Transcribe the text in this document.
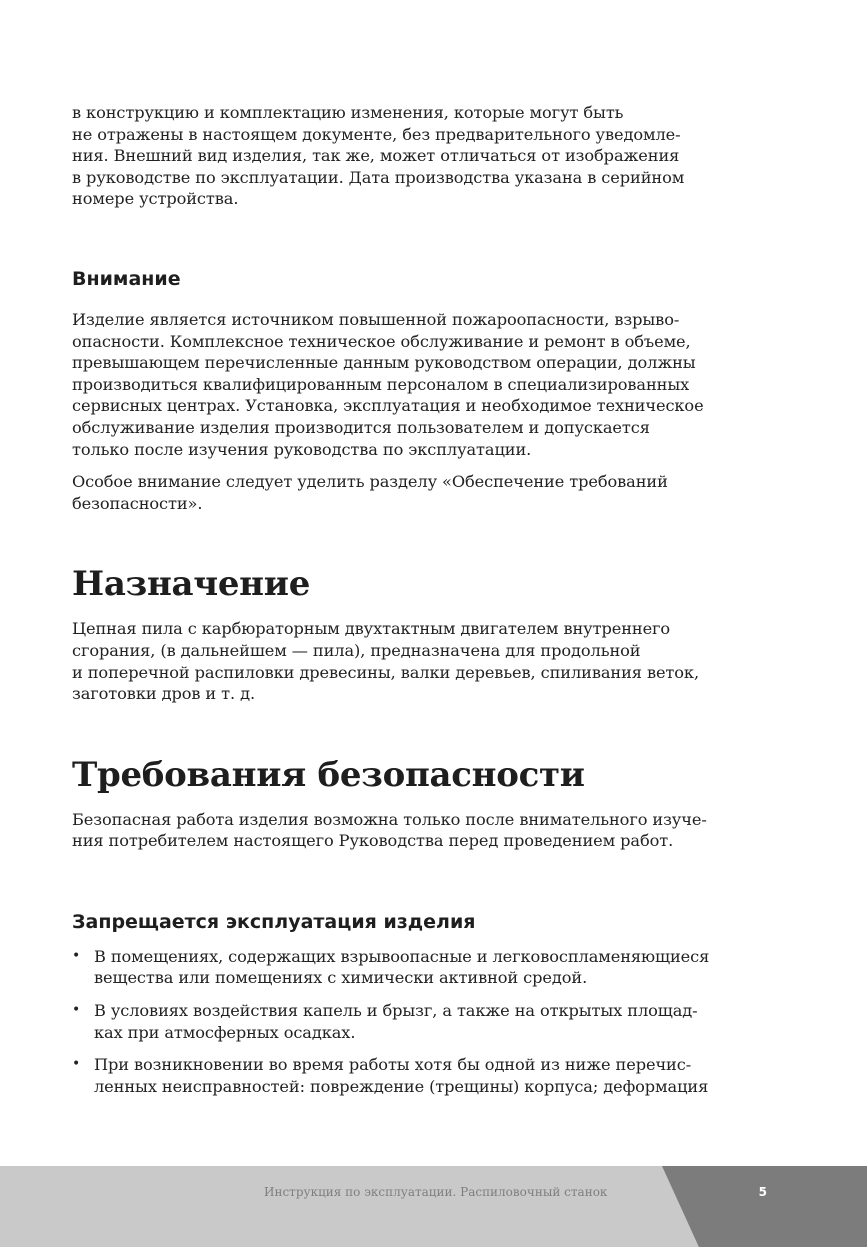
в конструкцию и комплектацию изменения, которые могут быть
не отражены в настоящем документе, без предварительного уведомле-
ния. Внешний вид изделия, так же, может отличаться от изображения
в руководстве по эксплуатации. Дата производства указана в серийном
номере устройства.

Внимание

Изделие является источником повышенной пожароопасности, взрыво-
опасности. Комплексное техническое обслуживание и ремонт в объеме,
превышающем перечисленные данным руководством операции, должны
производиться квалифицированным персоналом в специализированных
сервисных центрах. Установка, эксплуатация и необходимое техническое
обслуживание изделия производится пользователем и допускается
только после изучения руководства по эксплуатации.

Особое внимание следует уделить разделу «Обеспечение требований
безопасности».

Назначение

Цепная пила с карбюраторным двухтактным двигателем внутреннего
сгорания, (в дальнейшем — пила), предназначена для продольной
и поперечной распиловки древесины, валки деревьев, спиливания веток,
заготовки дров и т. д.

Требования безопасности

Безопасная работа изделия возможна только после внимательного изуче-
ния потребителем настоящего Руководства перед проведением работ.

Запрещается эксплуатация изделия
• В помещениях, содержащих взрывоопасные и легковоспламеняющиеся
вещества или помещениях с химически активной средой.
• В условиях воздействия капель и брызг, а также на открытых площад-
ках при атмосферных осадках.
• При возникновении во время работы хотя бы одной из ниже перечис-
ленных неисправностей: повреждение (трещины) корпуса; деформация
Инструкция по эксплуатации. Распиловочный станок	5
